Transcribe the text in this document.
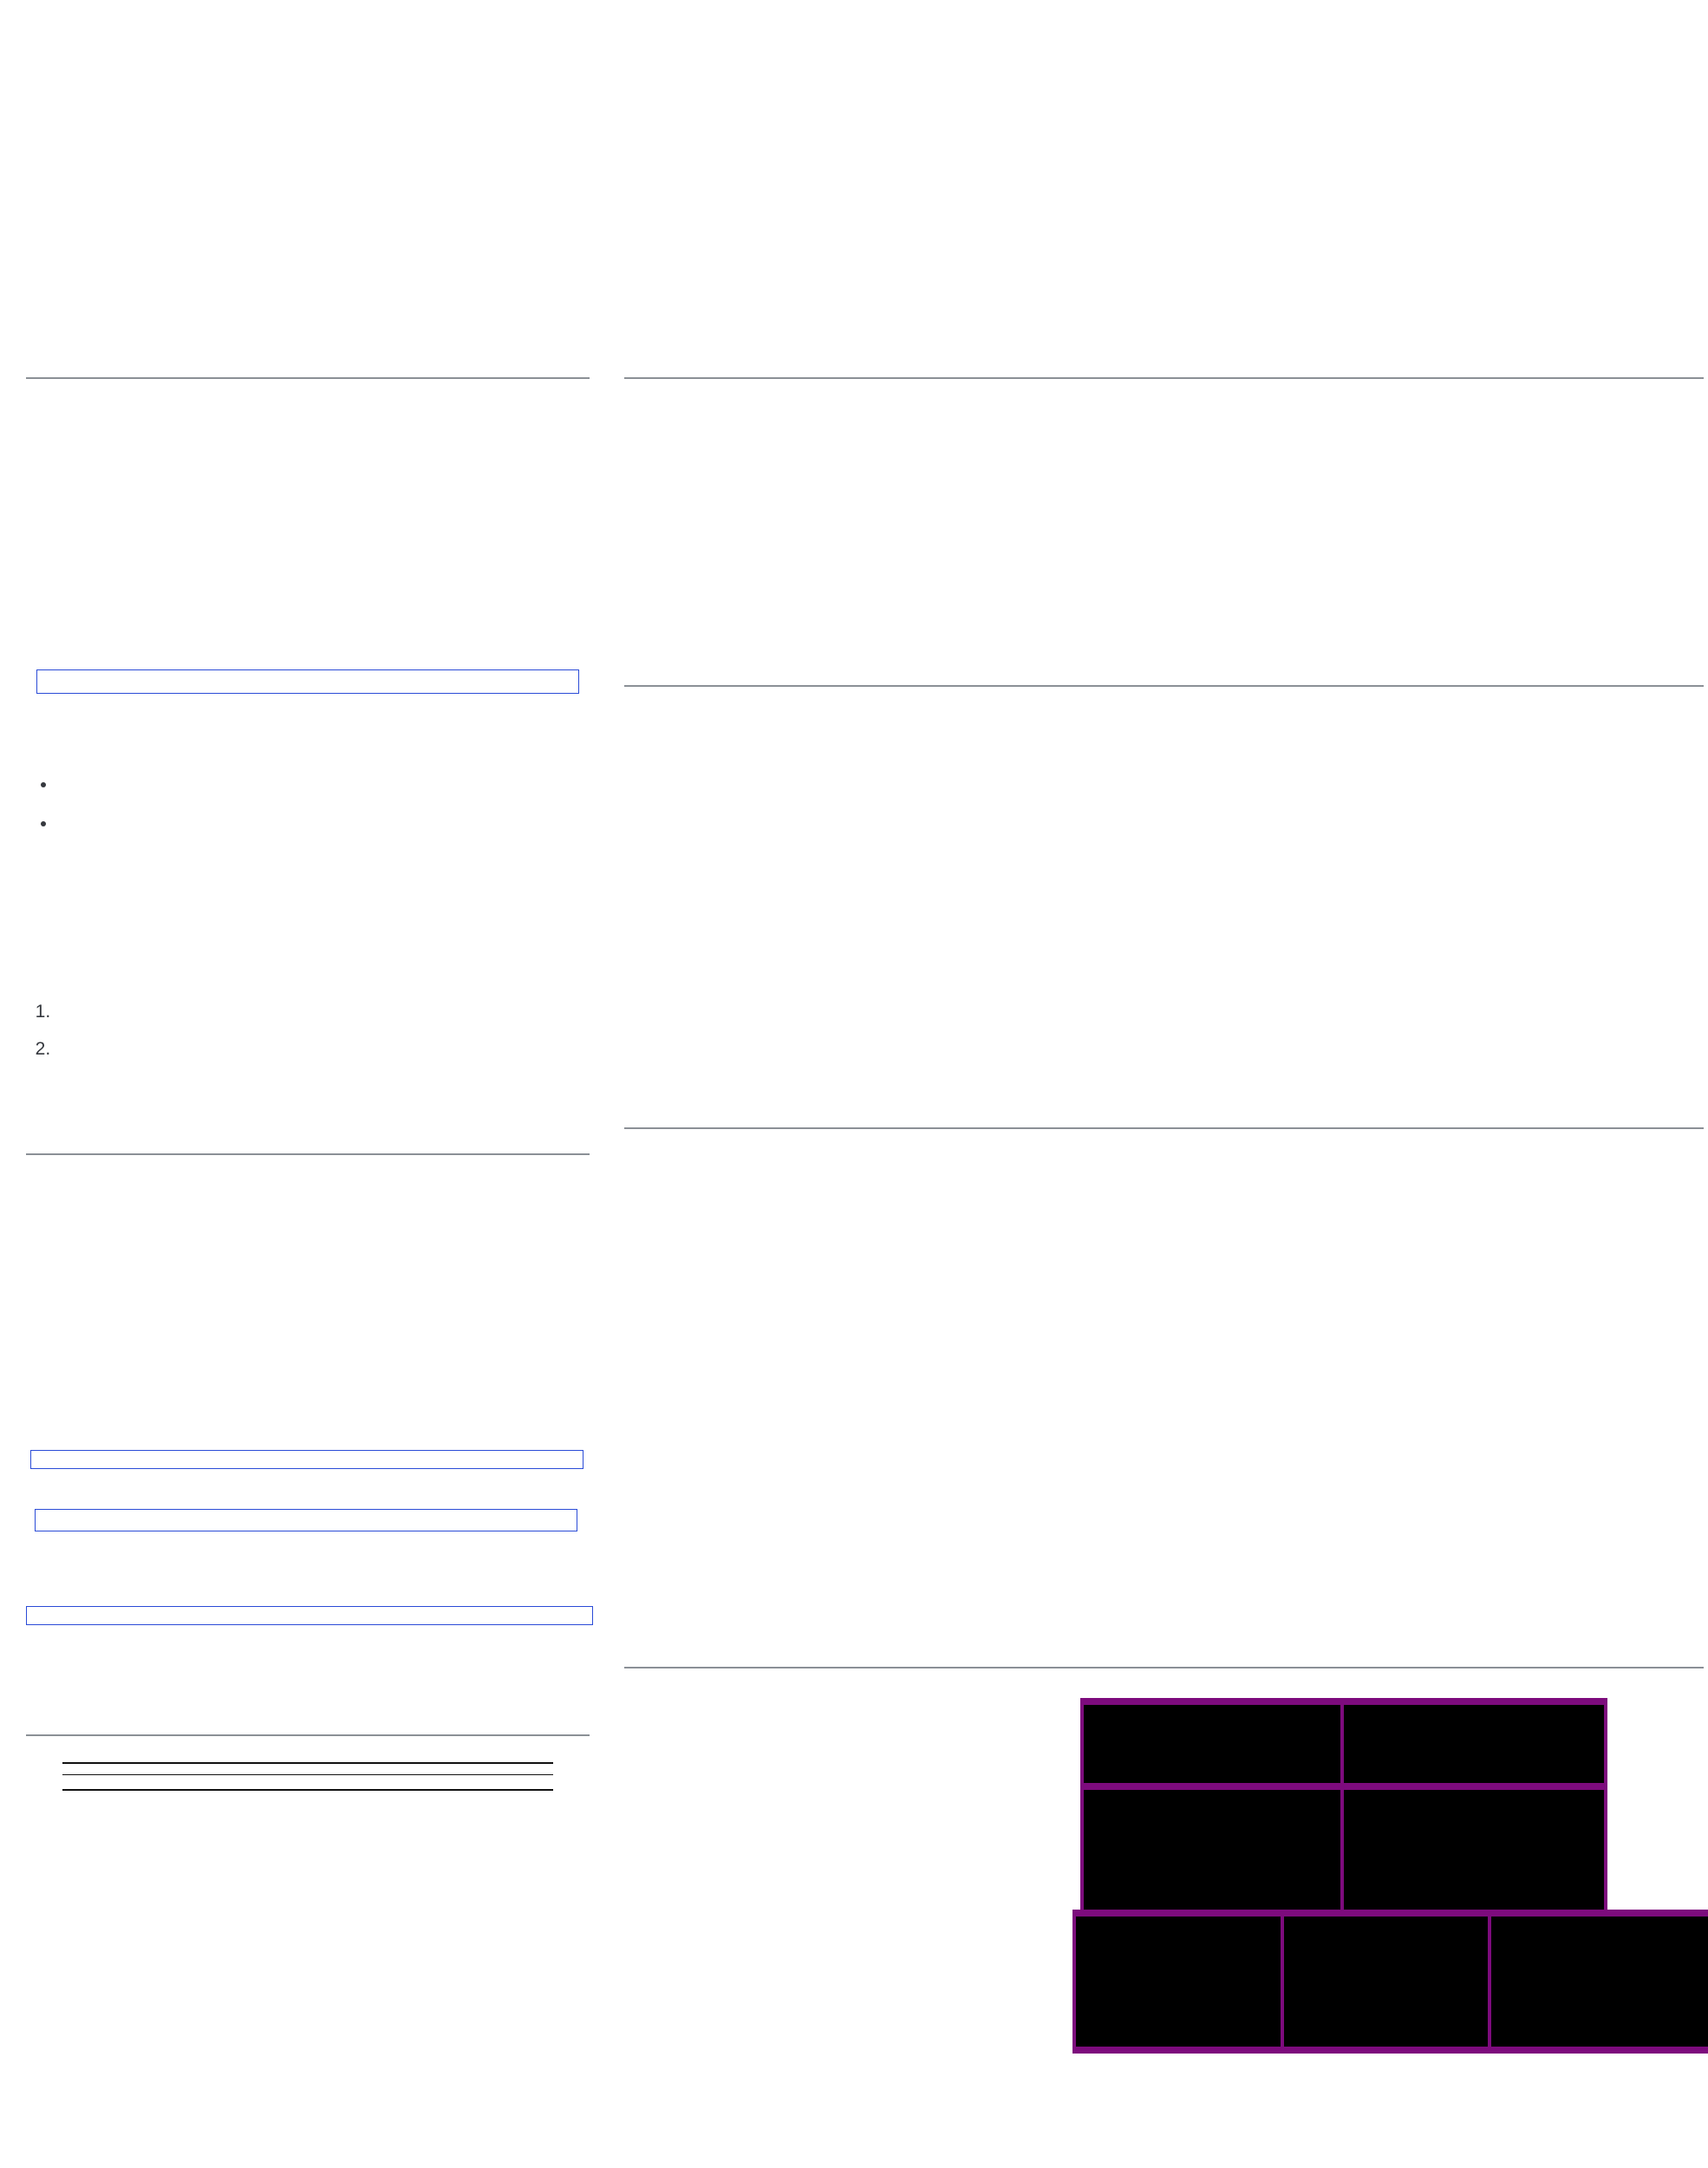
•
•
1.
2.
